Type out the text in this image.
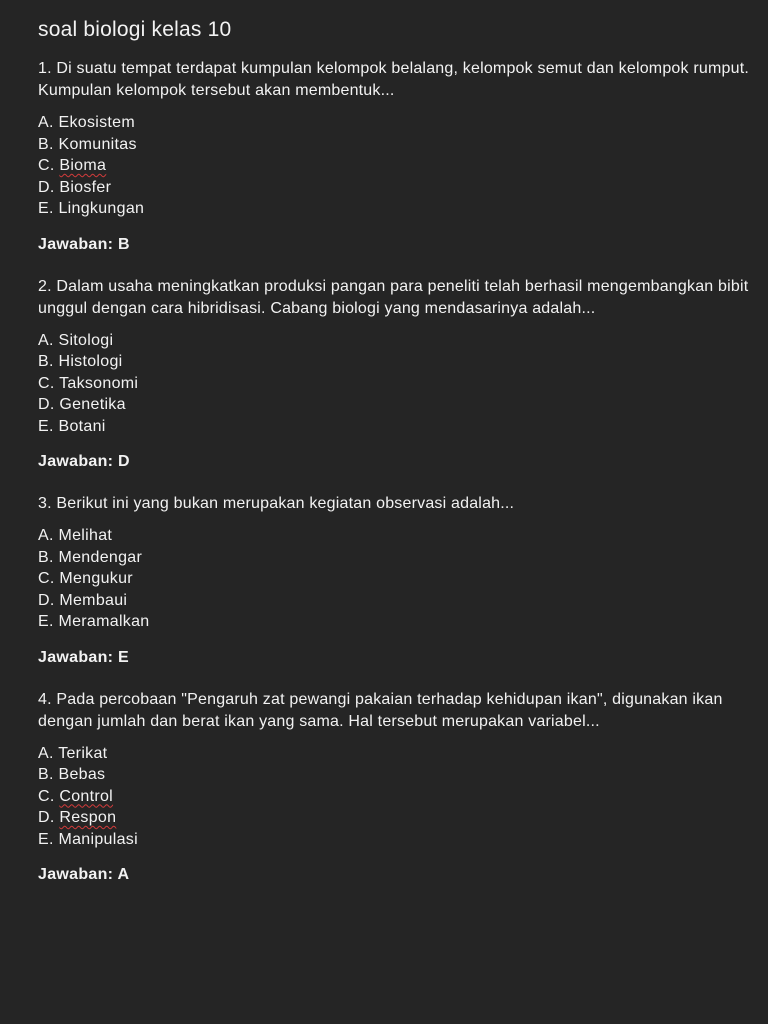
soal biologi kelas 10

1. Di suatu tempat terdapat kumpulan kelompok belalang, kelompok semut dan kelompok rumput. Kumpulan kelompok tersebut akan membentuk...

A. Ekosistem
B. Komunitas
C. Bioma
D. Biosfer
E. Lingkungan

Jawaban: B

2. Dalam usaha meningkatkan produksi pangan para peneliti telah berhasil mengembangkan bibit unggul dengan cara hibridisasi. Cabang biologi yang mendasarinya adalah...

A. Sitologi
B. Histologi
C. Taksonomi
D. Genetika
E. Botani

Jawaban: D

3. Berikut ini yang bukan merupakan kegiatan observasi adalah...

A. Melihat
B. Mendengar
C. Mengukur
D. Membaui
E. Meramalkan

Jawaban: E

4. Pada percobaan "Pengaruh zat pewangi pakaian terhadap kehidupan ikan", digunakan ikan dengan jumlah dan berat ikan yang sama. Hal tersebut merupakan variabel...

A. Terikat
B. Bebas
C. Control
D. Respon
E. Manipulasi

Jawaban: A
